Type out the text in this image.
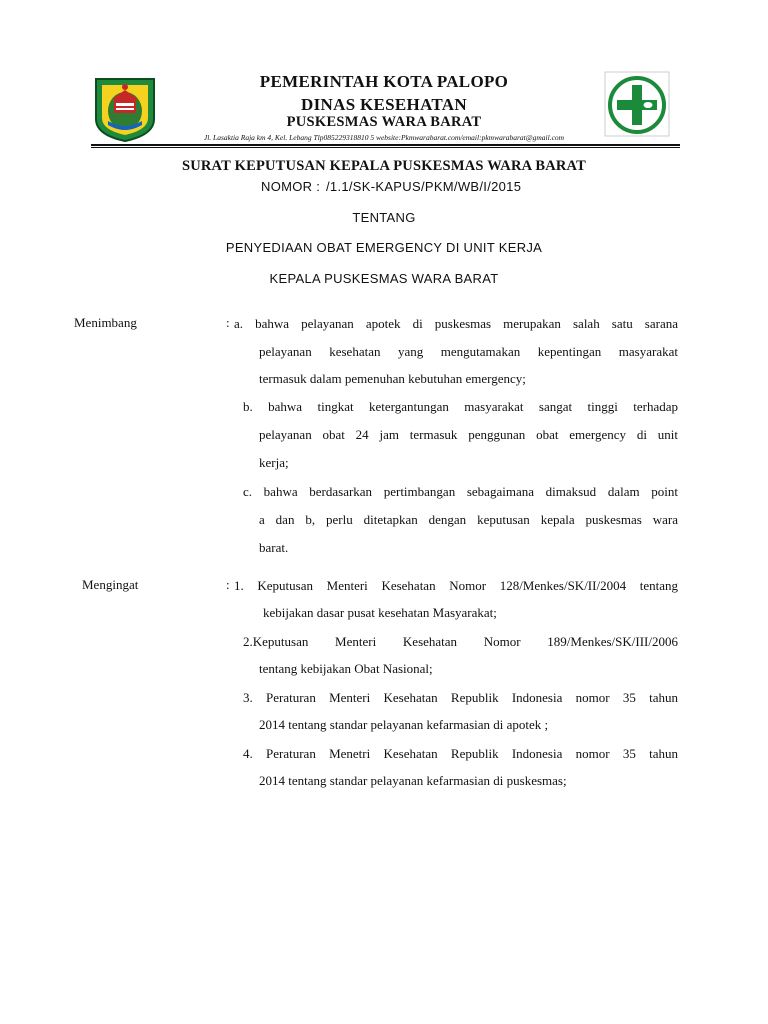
PEMERINTAH KOTA PALOPO
DINAS KESEHATAN
PUSKESMAS WARA BARAT
Jl. Lasaktia Raja km 4, Kel. Lebang Tlp085229318810 5 website:Pkmwarabarat.com/email:pkmwarabarat@gmail.com
SURAT KEPUTUSAN KEPALA PUSKESMAS WARA BARAT
NOMOR : /1.1/SK-KAPUS/PKM/WB/I/2015
TENTANG
PENYEDIAAN OBAT EMERGENCY DI UNIT KERJA
KEPALA PUSKESMAS WARA BARAT
Menimbang	: a. bahwa pelayanan apotek di puskesmas merupakan salah satu sarana
pelayanan kesehatan yang mengutamakan kepentingan masyarakat
termasuk dalam pemenuhan kebutuhan emergency;
b. bahwa tingkat ketergantungan masyarakat sangat tinggi terhadap
pelayanan obat 24 jam termasuk penggunan obat emergency di unit
kerja;
c. bahwa berdasarkan pertimbangan sebagaimana dimaksud dalam point
a dan b, perlu ditetapkan dengan keputusan kepala puskesmas wara
barat.
Mengingat	: 1. Keputusan Menteri Kesehatan Nomor 128/Menkes/SK/II/2004 tentang
kebijakan dasar pusat kesehatan Masyarakat;
2.Keputusan Menteri Kesehatan Nomor 189/Menkes/SK/III/2006
tentang kebijakan Obat Nasional;
3. Peraturan Menteri Kesehatan Republik Indonesia nomor 35 tahun
2014 tentang standar pelayanan kefarmasian di apotek ;
4. Peraturan Menetri Kesehatan Republik Indonesia nomor 35 tahun
2014 tentang standar pelayanan kefarmasian di puskesmas;
